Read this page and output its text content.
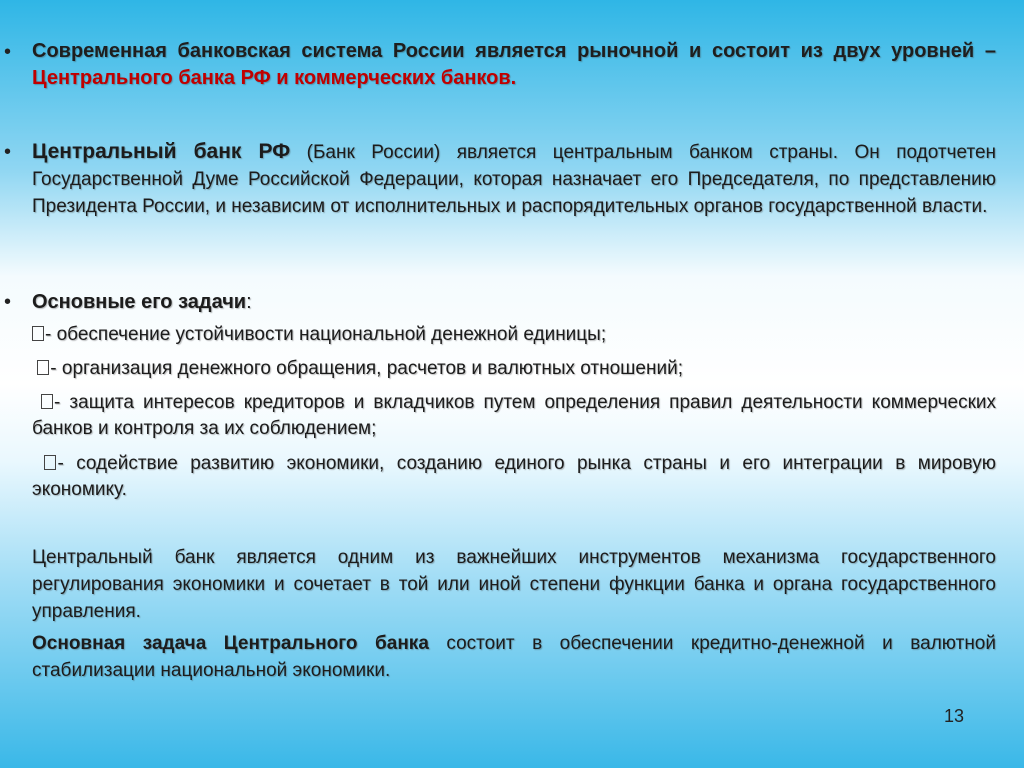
• Современная банковская система России является рыночной и состоит из двух уровней – Центрального банка РФ и коммерческих банков.

• Центральный банк РФ (Банк России) является центральным банком страны. Он подотчетен Государственной Думе Российской Федерации, которая назначает его Председателя, по представлению Президента России, и независим от исполнительных и распорядительных органов государственной власти.

• Основные его задачи:

- обеспечение устойчивости национальной денежной единицы;

- организация денежного обращения, расчетов и валютных отношений;

- защита интересов кредиторов и вкладчиков путем определения правил деятельности коммерческих банков и контроля за их соблюдением;

- содействие развитию экономики, созданию единого рынка страны и его интеграции в мировую экономику.

Центральный банк является одним из важнейших инструментов механизма государственного регулирования экономики и сочетает в той или иной степени функции банка и органа государственного управления.

Основная задача Центрального банка состоит в обеспечении кредитно-денежной и валютной стабилизации национальной экономики.

13
